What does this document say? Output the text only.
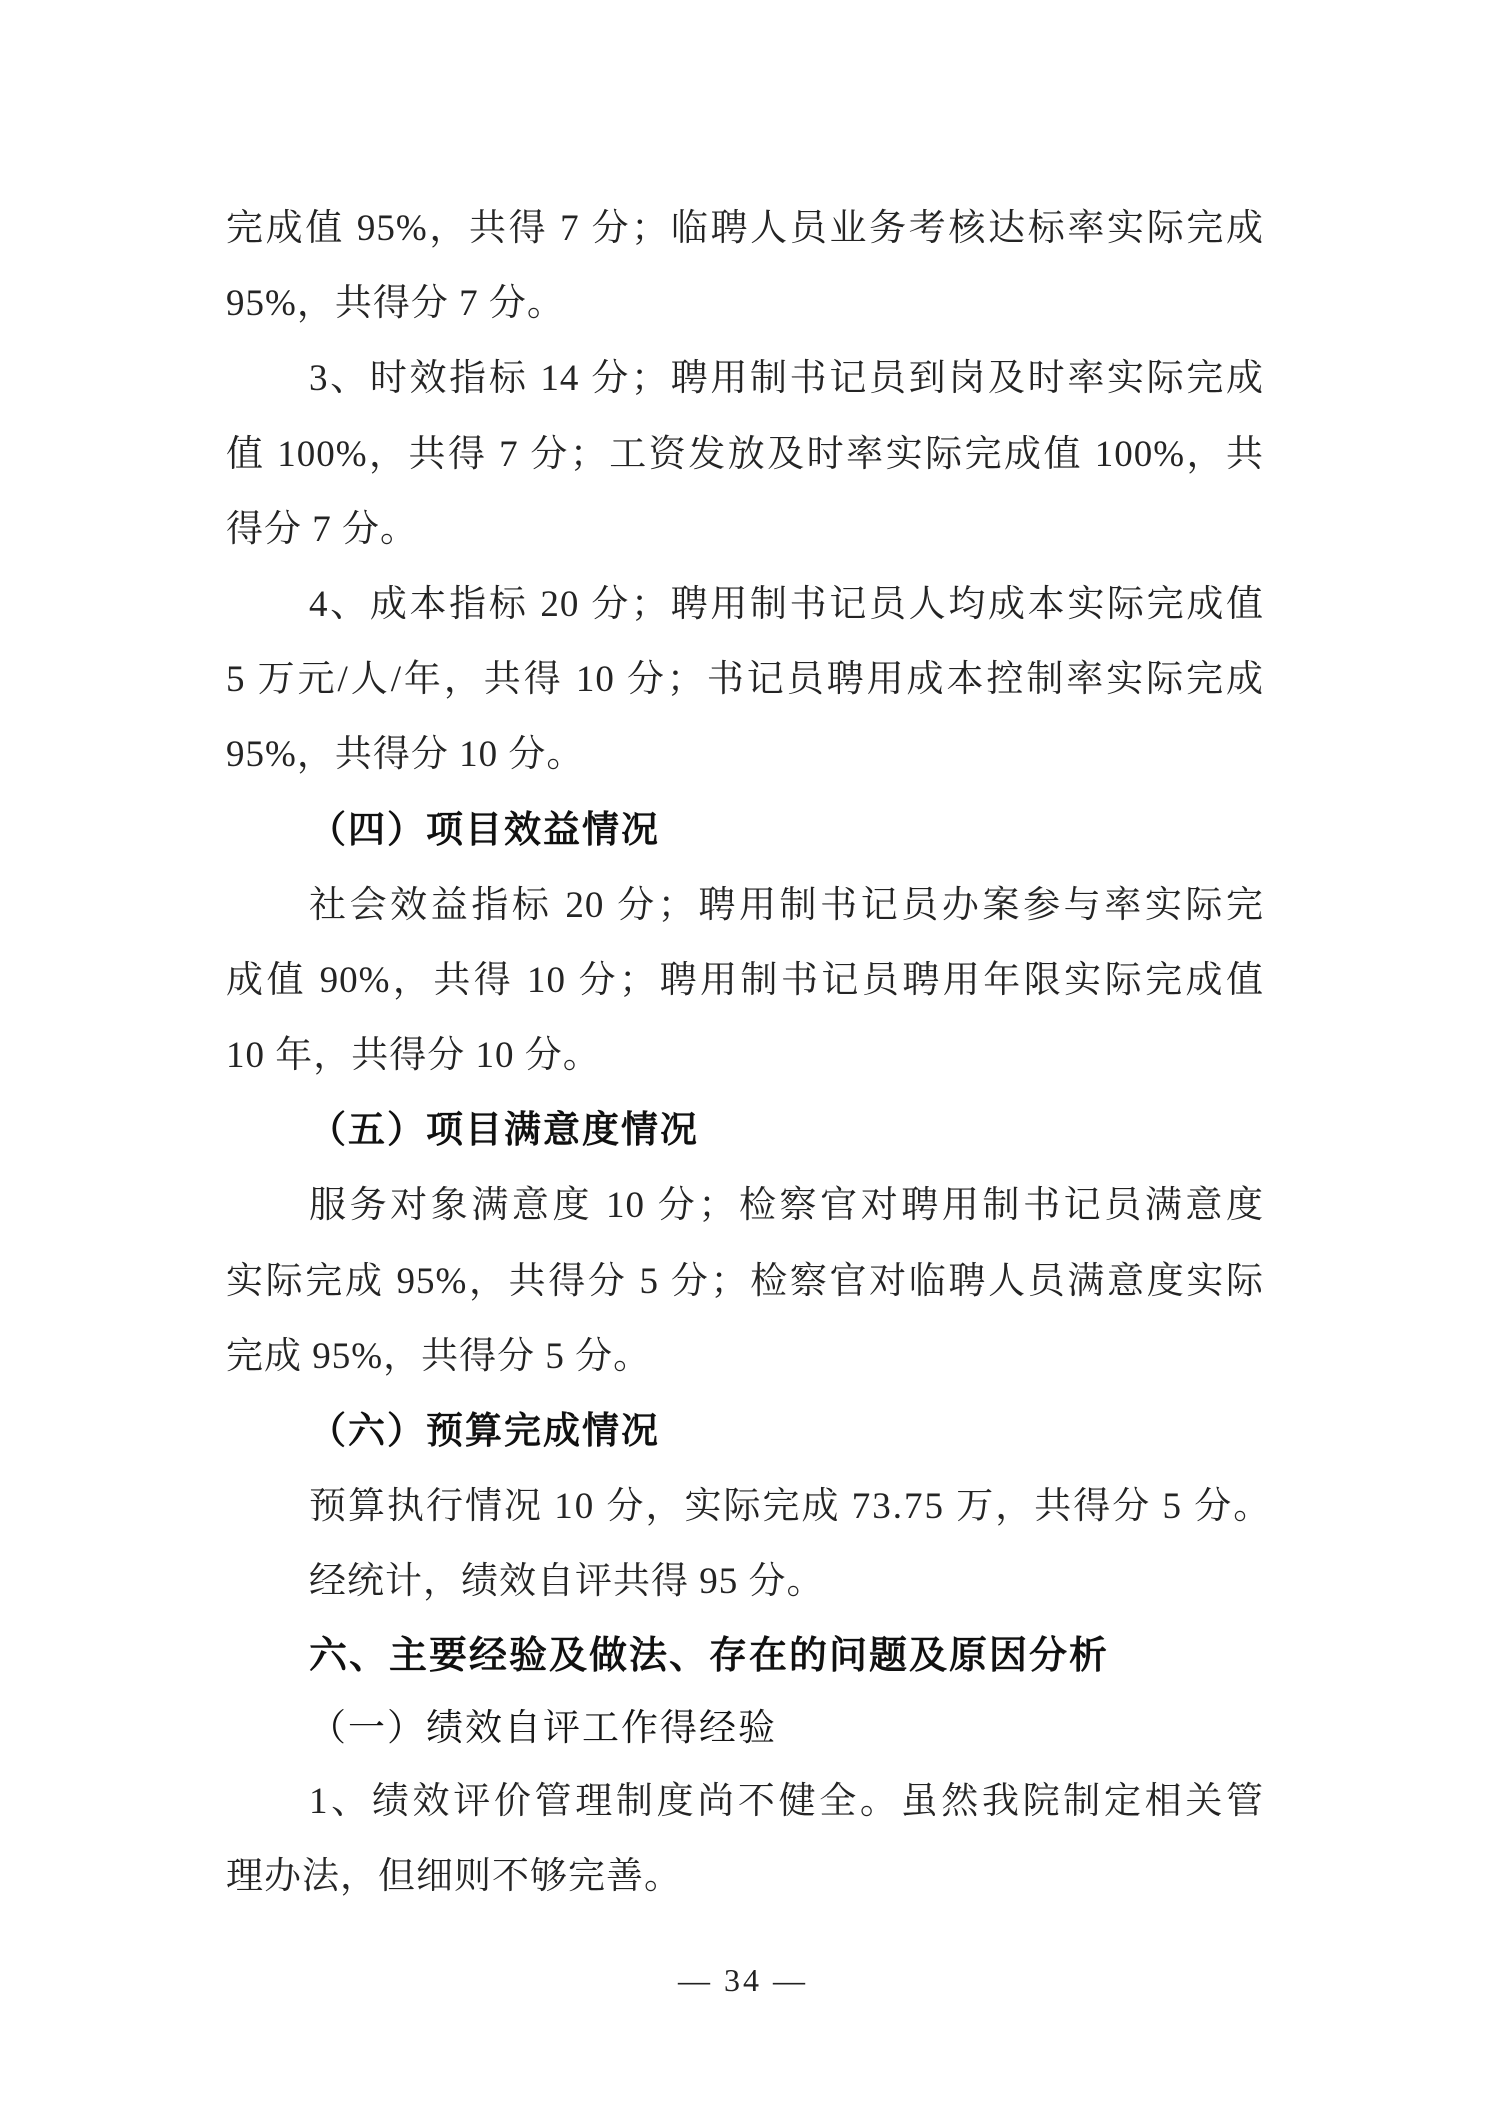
完成值 95%，共得 7 分；临聘人员业务考核达标率实际完成
95%，共得分 7 分。
3、时效指标 14 分；聘用制书记员到岗及时率实际完成
值 100%，共得 7 分；工资发放及时率实际完成值 100%，共
得分 7 分。
4、成本指标 20 分；聘用制书记员人均成本实际完成值
5 万元/人/年，共得 10 分；书记员聘用成本控制率实际完成
95%，共得分 10 分。
（四）项目效益情况
社会效益指标 20 分；聘用制书记员办案参与率实际完
成值 90%，共得 10 分；聘用制书记员聘用年限实际完成值
10 年，共得分 10 分。
（五）项目满意度情况
服务对象满意度 10 分；检察官对聘用制书记员满意度
实际完成 95%，共得分 5 分；检察官对临聘人员满意度实际
完成 95%，共得分 5 分。
（六）预算完成情况
预算执行情况 10 分，实际完成 73.75 万，共得分 5 分。
经统计，绩效自评共得 95 分。
六、主要经验及做法、存在的问题及原因分析
（一）绩效自评工作得经验
1、绩效评价管理制度尚不健全。虽然我院制定相关管
理办法，但细则不够完善。
— 34 —
